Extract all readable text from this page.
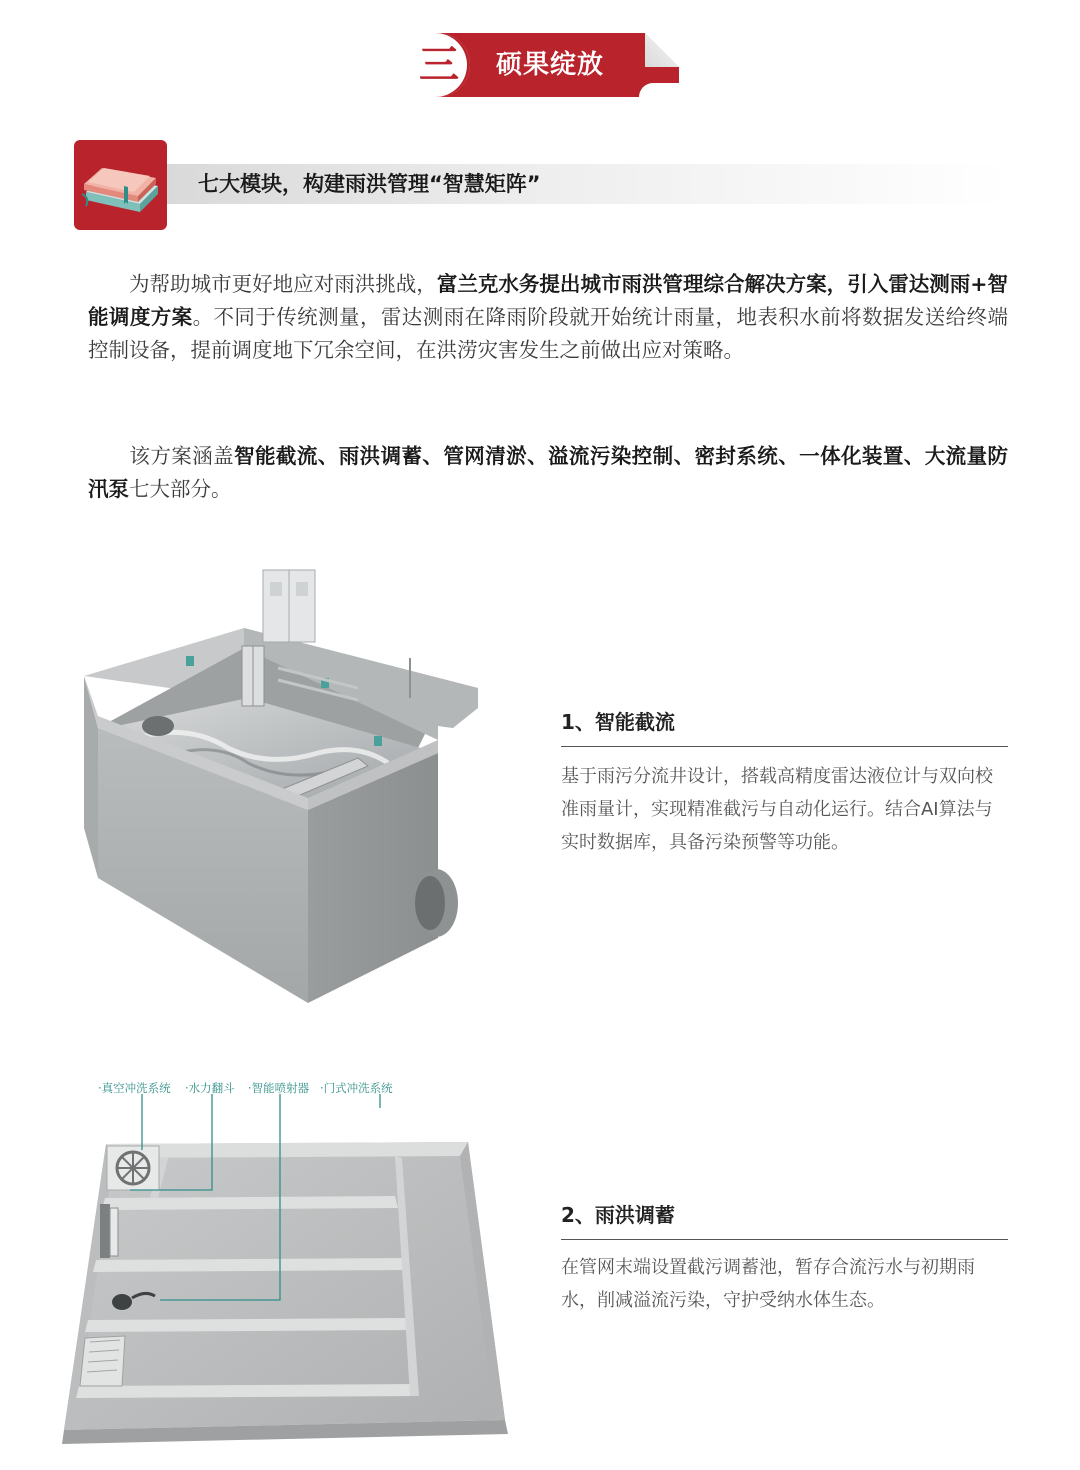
三 硕果绽放
七大模块，构建雨洪管理“智慧矩阵”
  为帮助城市更好地应对雨洪挑战，富兰克水务提出城市雨洪管理综合解决方案，引入雷达测雨+智能调度方案。不同于传统测量，雷达测雨在降雨阶段就开始统计雨量，地表积水前将数据发送给终端控制设备，提前调度地下冗余空间，在洪涝灾害发生之前做出应对策略。
  该方案涵盖智能截流、雨洪调蓄、管网清淤、溢流污染控制、密封系统、一体化装置、大流量防汛泵七大部分。
1、智能截流
基于雨污分流井设计，搭载高精度雷达液位计与双向校准雨量计，实现精准截污与自动化运行。结合AI算法与实时数据库，具备污染预警等功能。
·真空冲洗系统 ·水力翻斗 ·智能喷射器 ·门式冲洗系统
2、雨洪调蓄
在管网末端设置截污调蓄池，暂存合流污水与初期雨水，削减溢流污染，守护受纳水体生态。
